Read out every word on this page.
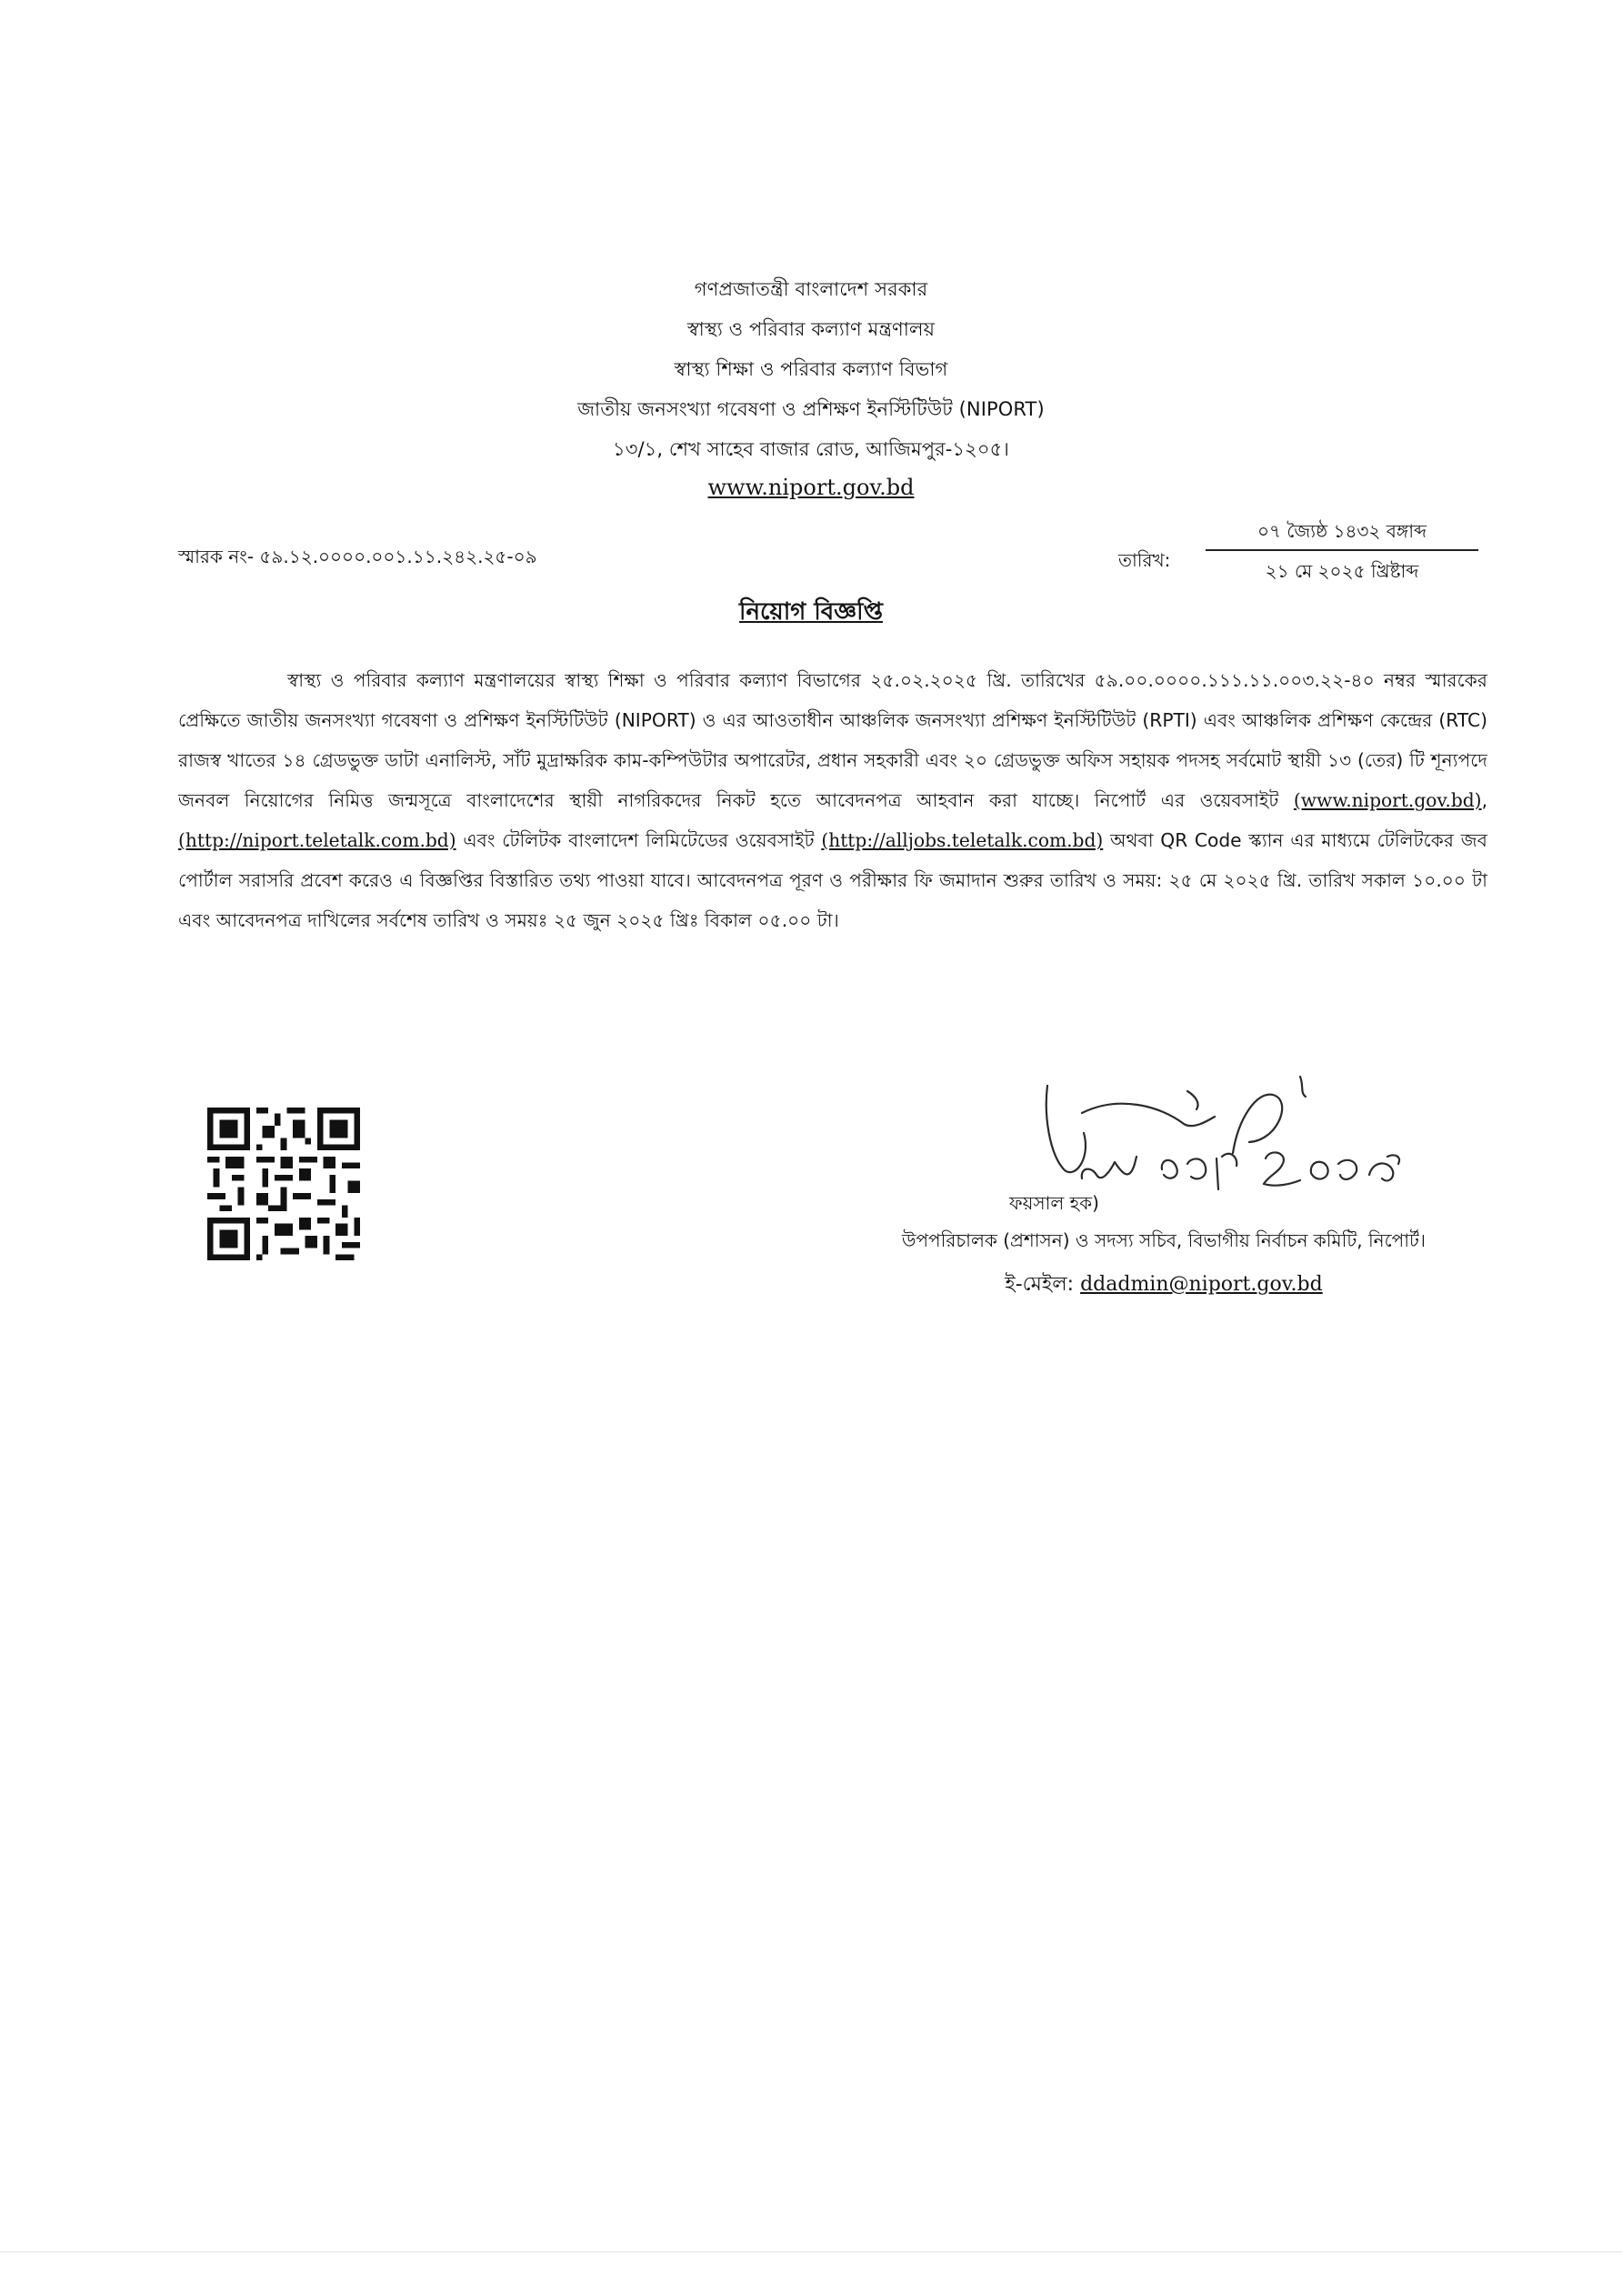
গণপ্রজাতন্ত্রী বাংলাদেশ সরকার
স্বাস্থ্য ও পরিবার কল্যাণ মন্ত্রণালয়
স্বাস্থ্য শিক্ষা ও পরিবার কল্যাণ বিভাগ
জাতীয় জনসংখ্যা গবেষণা ও প্রশিক্ষণ ইনস্টিটিউট (NIPORT)
১৩/১, শেখ সাহেব বাজার রোড, আজিমপুর-১২০৫।
www.niport.gov.bd
স্মারক নং- ৫৯.১২.০০০০.০০১.১১.২৪২.২৫-০৯	তারিখ:
০৭ জ্যৈষ্ঠ ১৪৩২ বঙ্গাব্দ
২১ মে ২০২৫ খ্রিষ্টাব্দ
নিয়োগ বিজ্ঞপ্তি
স্বাস্থ্য ও পরিবার কল্যাণ মন্ত্রণালয়ের স্বাস্থ্য শিক্ষা ও পরিবার কল্যাণ বিভাগের ২৫.০২.২০২৫ খ্রি. তারিখের ৫৯.০০.০০০০.১১১.১১.০০৩.২২-৪০ নম্বর স্মারকের প্রেক্ষিতে জাতীয় জনসংখ্যা গবেষণা ও প্রশিক্ষণ ইনস্টিটিউট (NIPORT) ও এর আওতাধীন আঞ্চলিক জনসংখ্যা প্রশিক্ষণ ইনস্টিটিউট (RPTI) এবং আঞ্চলিক প্রশিক্ষণ কেন্দ্রের (RTC) রাজস্ব খাতের ১৪ গ্রেডভুক্ত ডাটা এনালিস্ট, সাঁট মুদ্রাক্ষরিক কাম-কম্পিউটার অপারেটর, প্রধান সহকারী এবং ২০ গ্রেডভুক্ত অফিস সহায়ক পদসহ সর্বমোট স্থায়ী ১৩ (তের) টি শূন্যপদে জনবল নিয়োগের নিমিত্ত জন্মসূত্রে বাংলাদেশের স্থায়ী নাগরিকদের নিকট হতে আবেদনপত্র আহবান করা যাচ্ছে। নিপোর্ট এর ওয়েবসাইট (www.niport.gov.bd), (http://niport.teletalk.com.bd) এবং টেলিটক বাংলাদেশ লিমিটেডের ওয়েবসাইট (http://alljobs.teletalk.com.bd) অথবা QR Code স্ক্যান এর মাধ্যমে টেলিটকের জব পোর্টাল সরাসরি প্রবেশ করেও এ বিজ্ঞপ্তির বিস্তারিত তথ্য পাওয়া যাবে। আবেদনপত্র পূরণ ও পরীক্ষার ফি জমাদান শুরুর তারিখ ও সময়: ২৫ মে ২০২৫ খ্রি. তারিখ সকাল ১০.০০ টা এবং আবেদনপত্র দাখিলের সর্বশেষ তারিখ ও সময়ঃ ২৫ জুন ২০২৫ খ্রিঃ বিকাল ০৫.০০ টা।
ফয়সাল হক)
উপপরিচালক (প্রশাসন) ও সদস্য সচিব, বিভাগীয় নির্বাচন কমিটি, নিপোর্ট।
ই-মেইল: ddadmin@niport.gov.bd
